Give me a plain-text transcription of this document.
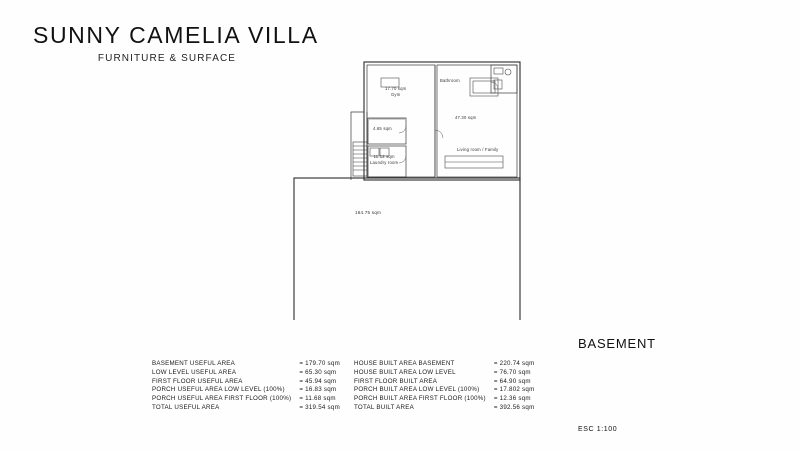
SUNNY CAMELIA VILLA
FURNITURE & SURFACE
17.70 sqm
Gym
Bathroom
4.65 sqm
11.12 sqm
Laundry room
47.30 sqm
Living room / Family
164.75 sqm
BASEMENT USEFUL AREA
LOW LEVEL USEFUL AREA
FIRST FLOOR USEFUL AREA
PORCH USEFUL AREA LOW LEVEL (100%)
PORCH USEFUL AREA FIRST FLOOR (100%)
TOTAL USEFUL AREA
= 179.70 sqm
= 65.30 sqm
= 45.94 sqm
= 16.83 sqm
= 11.68 sqm
= 319.54 sqm
HOUSE BUILT AREA BASEMENT
HOUSE BUILT AREA LOW LEVEL
FIRST FLOOR BUILT AREA
PORCH BUILT AREA LOW LEVEL (100%)
PORCH BUILT AREA FIRST FLOOR (100%)
TOTAL BUILT AREA
= 220.74 sqm
= 76.70 sqm
= 64.90 sqm
= 17.802 sqm
= 12.36 sqm
= 392.56 sqm
BASEMENT
ESC 1:100
